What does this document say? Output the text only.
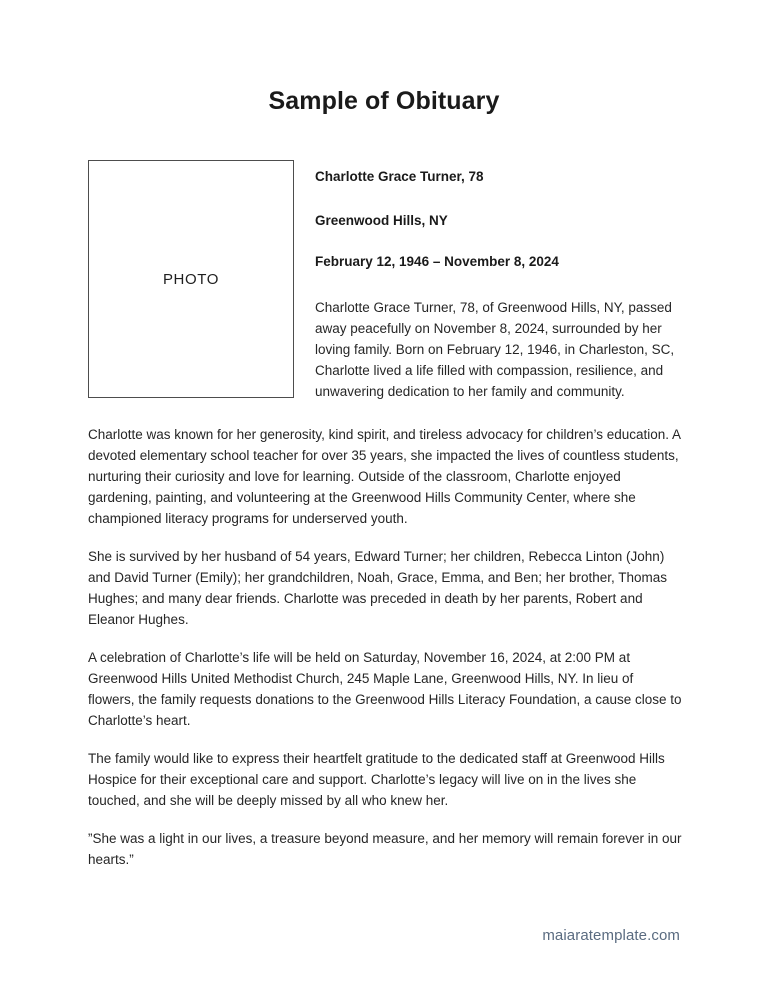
Sample of Obituary
PHOTO
Charlotte Grace Turner, 78
Greenwood Hills, NY
February 12, 1946 – November 8, 2024
Charlotte Grace Turner, 78, of Greenwood Hills, NY, passed away peacefully on November 8, 2024, surrounded by her loving family. Born on February 12, 1946, in Charleston, SC, Charlotte lived a life filled with compassion, resilience, and unwavering dedication to her family and community.

Charlotte was known for her generosity, kind spirit, and tireless advocacy for children’s education. A devoted elementary school teacher for over 35 years, she impacted the lives of countless students, nurturing their curiosity and love for learning. Outside of the classroom, Charlotte enjoyed gardening, painting, and volunteering at the Greenwood Hills Community Center, where she championed literacy programs for underserved youth.

She is survived by her husband of 54 years, Edward Turner; her children, Rebecca Linton (John) and David Turner (Emily); her grandchildren, Noah, Grace, Emma, and Ben; her brother, Thomas Hughes; and many dear friends. Charlotte was preceded in death by her parents, Robert and Eleanor Hughes.

A celebration of Charlotte’s life will be held on Saturday, November 16, 2024, at 2:00 PM at Greenwood Hills United Methodist Church, 245 Maple Lane, Greenwood Hills, NY. In lieu of flowers, the family requests donations to the Greenwood Hills Literacy Foundation, a cause close to Charlotte’s heart.

The family would like to express their heartfelt gratitude to the dedicated staff at Greenwood Hills Hospice for their exceptional care and support. Charlotte’s legacy will live on in the lives she touched, and she will be deeply missed by all who knew her.

”She was a light in our lives, a treasure beyond measure, and her memory will remain forever in our hearts.”

maiaratemplate.com
